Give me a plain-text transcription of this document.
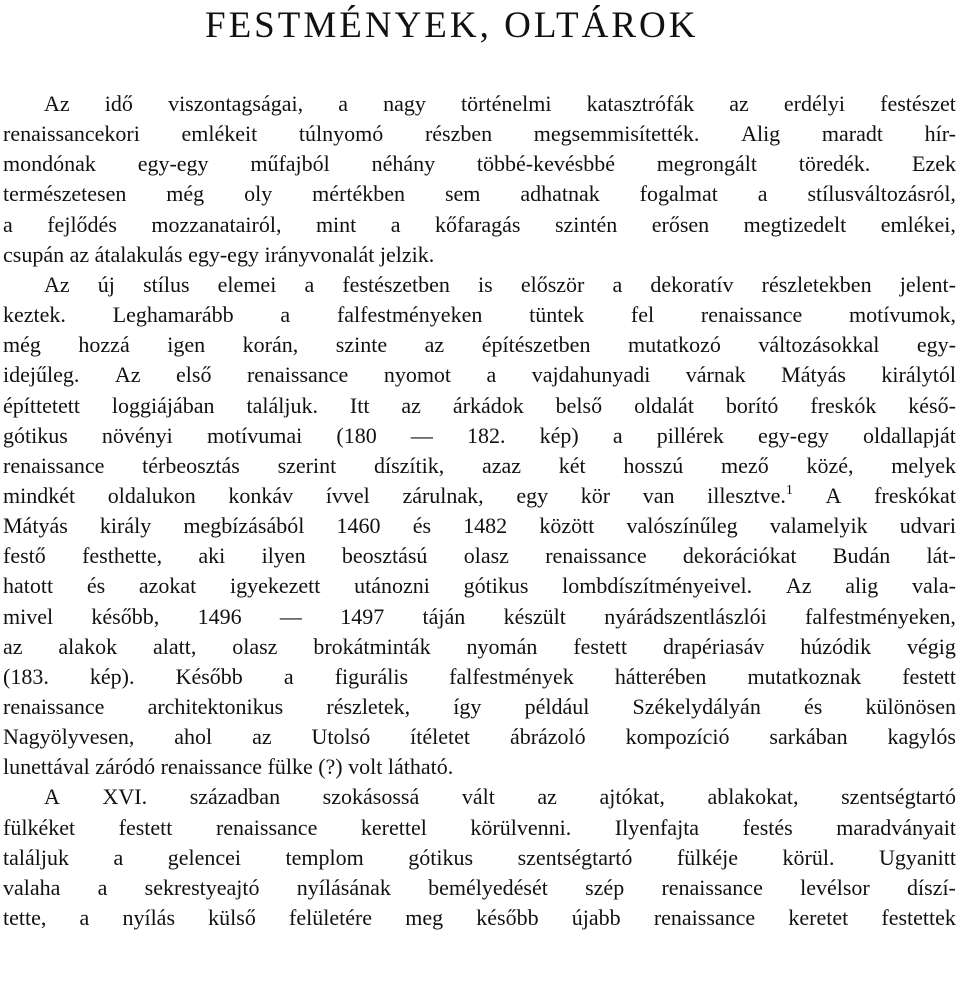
FESTMÉNYEK, OLTÁROK
Az idő viszontagságai, a nagy történelmi katasztrófák az erdélyi festészet
renaissancekori emlékeit túlnyomó részben megsemmisítették. Alig maradt hír-
mondónak egy-egy műfajból néhány többé-kevésbbé megrongált töredék. Ezek
természetesen még oly mértékben sem adhatnak fogalmat a stílusváltozásról,
a fejlődés mozzanatairól, mint a kőfaragás szintén erősen megtizedelt emlékei,
csupán az átalakulás egy-egy irányvonalát jelzik.
Az új stílus elemei a festészetben is először a dekoratív részletekben jelent-
keztek. Leghamarább a falfestményeken tüntek fel renaissance motívumok,
még hozzá igen korán, szinte az építészetben mutatkozó változásokkal egy-
idejűleg. Az első renaissance nyomot a vajdahunyadi várnak Mátyás királytól
építtetett loggiájában találjuk. Itt az árkádok belső oldalát borító freskók késő-
gótikus növényi motívumai (180 — 182. kép) a pillérek egy-egy oldallapját
renaissance térbeosztás szerint díszítik, azaz két hosszú mező közé, melyek
mindkét oldalukon konkáv ívvel zárulnak, egy kör van illesztve.$^1$ A freskókat
Mátyás király megbízásából 1460 és 1482 között valószínűleg valamelyik udvari
festő festhette, aki ilyen beosztású olasz renaissance dekorációkat Budán lát-
hatott és azokat igyekezett utánozni gótikus lombdíszítményeivel. Az alig vala-
mivel később, 1496 — 1497 táján készült nyárádszentlászlói falfestményeken,
az alakok alatt, olasz brokátminták nyomán festett drapériasáv húzódik végig
(183. kép). Később a figurális falfestmények hátterében mutatkoznak festett
renaissance architektonikus részletek, így például Székelydályán és különösen
Nagyölyvesen, ahol az Utolsó ítéletet ábrázoló kompozíció sarkában kagylós
lunettával záródó renaissance fülke (?) volt látható.
A XVI. században szokásossá vált az ajtókat, ablakokat, szentségtartó
fülkéket festett renaissance kerettel körülvenni. Ilyenfajta festés maradványait
találjuk a gelencei templom gótikus szentségtartó fülkéje körül. Ugyanitt
valaha a sekrestyeajtó nyílásának bemélyedését szép renaissance levélsor díszí-
tette, a nyílás külső felületére meg később újabb renaissance keretet festettek
